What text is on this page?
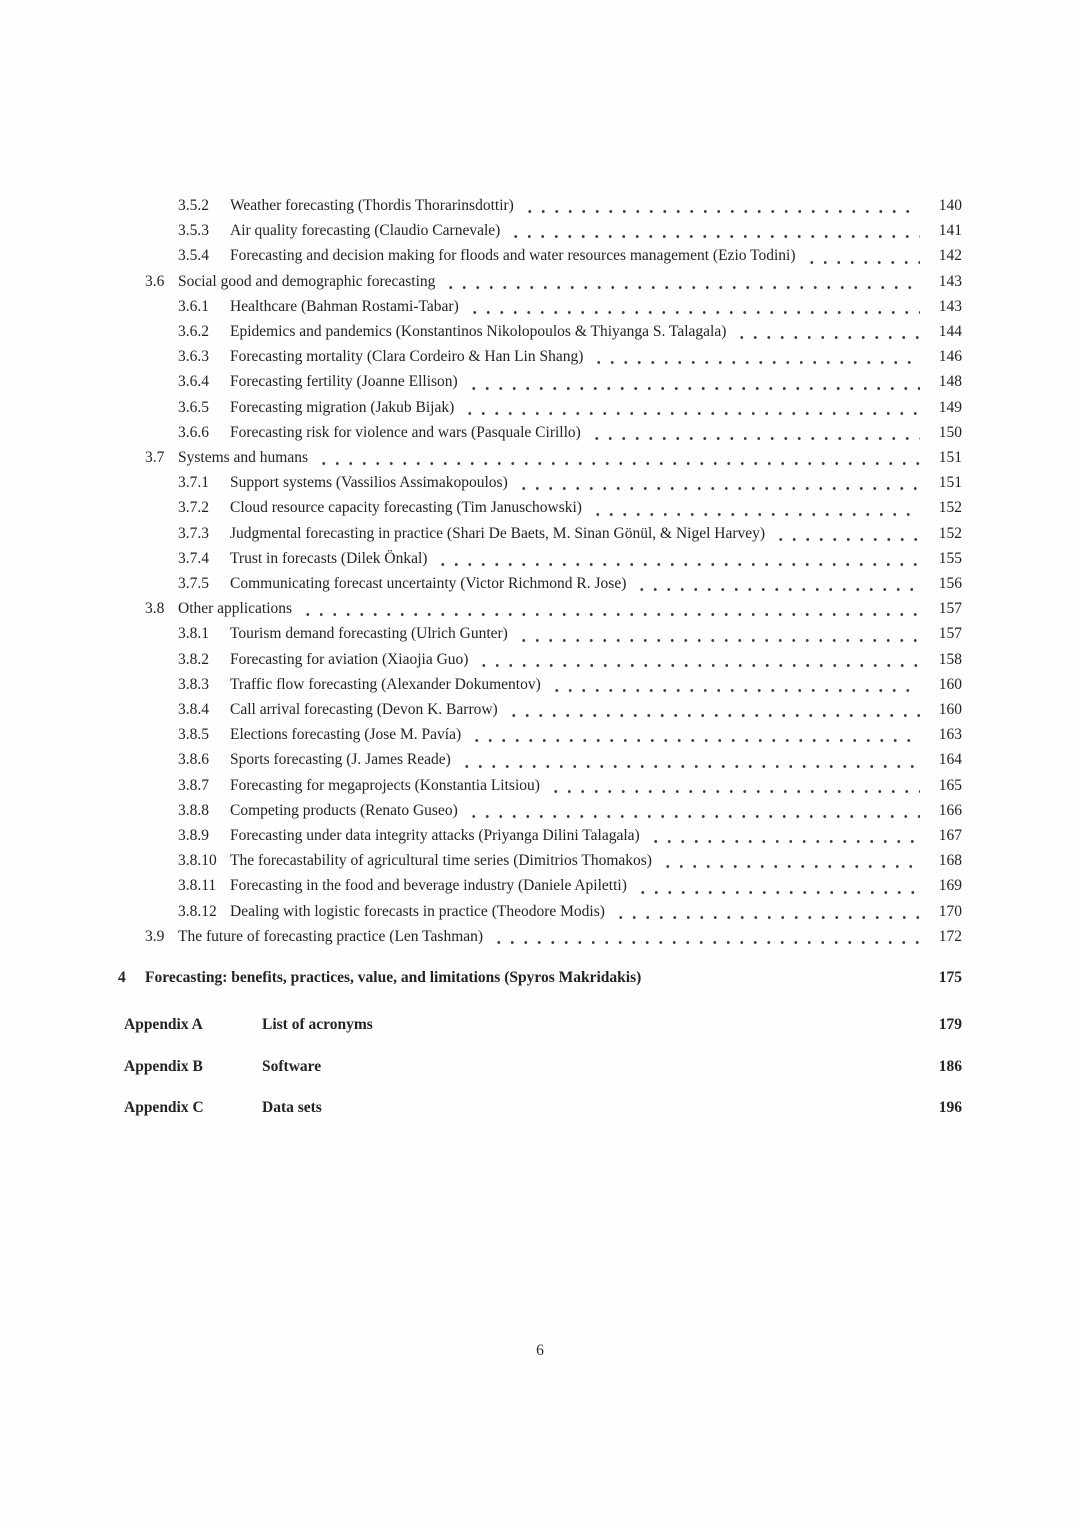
3.5.2	Weather forecasting (Thordis Thorarinsdottir)	140
3.5.3	Air quality forecasting (Claudio Carnevale)	141
3.5.4	Forecasting and decision making for floods and water resources management (Ezio Todini)	142
3.6 Social good and demographic forecasting	143
3.6.1	Healthcare (Bahman Rostami-Tabar)	143
3.6.2	Epidemics and pandemics (Konstantinos Nikolopoulos & Thiyanga S. Talagala)	144
3.6.3	Forecasting mortality (Clara Cordeiro & Han Lin Shang)	146
3.6.4	Forecasting fertility (Joanne Ellison)	148
3.6.5	Forecasting migration (Jakub Bijak)	149
3.6.6	Forecasting risk for violence and wars (Pasquale Cirillo)	150
3.7 Systems and humans	151
3.7.1	Support systems (Vassilios Assimakopoulos)	151
3.7.2	Cloud resource capacity forecasting (Tim Januschowski)	152
3.7.3	Judgmental forecasting in practice (Shari De Baets, M. Sinan Gönül, & Nigel Harvey)	152
3.7.4	Trust in forecasts (Dilek Önkal)	155
3.7.5	Communicating forecast uncertainty (Victor Richmond R. Jose)	156
3.8 Other applications	157
3.8.1	Tourism demand forecasting (Ulrich Gunter)	157
3.8.2	Forecasting for aviation (Xiaojia Guo)	158
3.8.3	Traffic flow forecasting (Alexander Dokumentov)	160
3.8.4	Call arrival forecasting (Devon K. Barrow)	160
3.8.5	Elections forecasting (Jose M. Pavía)	163
3.8.6	Sports forecasting (J. James Reade)	164
3.8.7	Forecasting for megaprojects (Konstantia Litsiou)	165
3.8.8	Competing products (Renato Guseo)	166
3.8.9	Forecasting under data integrity attacks (Priyanga Dilini Talagala)	167
3.8.10 The forecastability of agricultural time series (Dimitrios Thomakos)	168
3.8.11 Forecasting in the food and beverage industry (Daniele Apiletti)	169
3.8.12 Dealing with logistic forecasts in practice (Theodore Modis)	170
3.9 The future of forecasting practice (Len Tashman)	172
4	Forecasting: benefits, practices, value, and limitations (Spyros Makridakis)	175
Appendix A	List of acronyms	179
Appendix B	Software	186
Appendix C	Data sets	196
6
